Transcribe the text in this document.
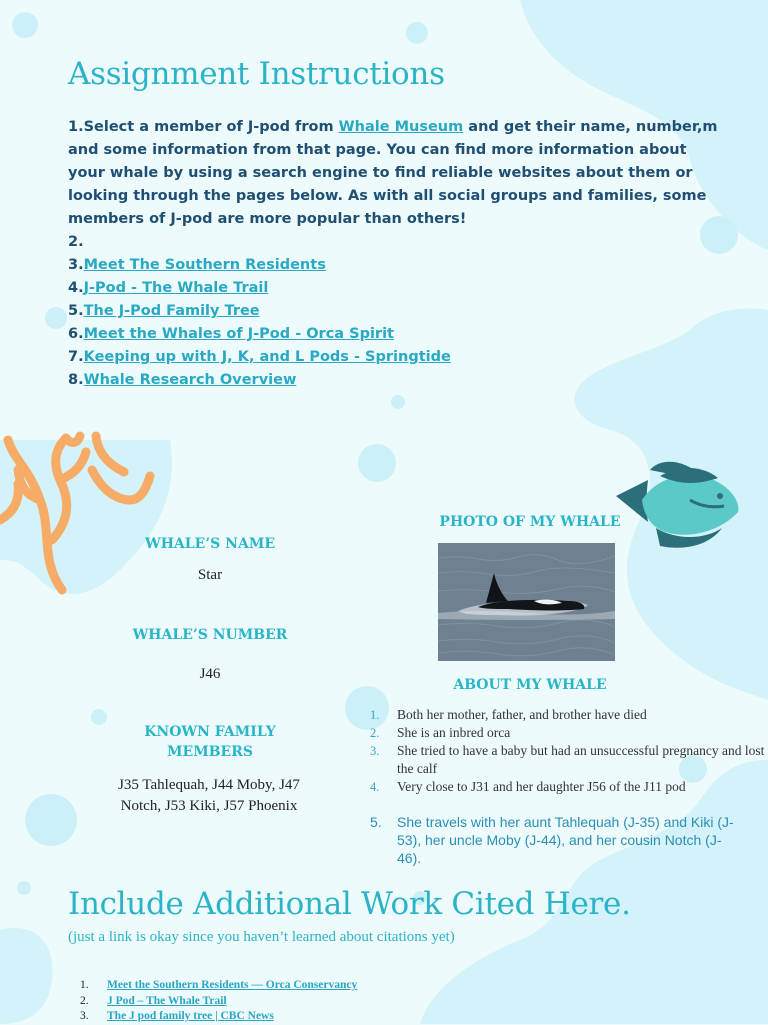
Assignment Instructions

1.Select a member of J-pod from Whale Museum and get their name, number,m and some information from that page. You can find more information about your whale by using a search engine to find reliable websites about them or looking through the pages below. As with all social groups and families, some members of J-pod are more popular than others!

2.
3.Meet The Southern Residents
4.J-Pod - The Whale Trail
5.The J-Pod Family Tree
6.Meet the Whales of J-Pod - Orca Spirit
7.Keeping up with J, K, and L Pods - Springtide
8.Whale Research Overview
WHALE’S NAME
Star
WHALE’S NUMBER
J46
KNOWN FAMILY
MEMBERS
J35 Tahlequah, J44 Moby, J47 Notch, J53 Kiki, J57 Phoenix
PHOTO OF MY WHALE
ABOUT MY WHALE
Both her mother, father, and brother have died
She is an inbred orca
She tried to have a baby but had an unsuccessful pregnancy and lost the calf
Very close to J31 and her daughter J56 of the J11 pod
5. She travels with her aunt Tahlequah (J-35) and Kiki (J-53), her uncle Moby (J-44), and her cousin Notch (J-46).
Include Additional Work Cited Here.
(just a link is okay since you haven’t learned about citations yet)
1. Meet the Southern Residents — Orca Conservancy
2. J Pod – The Whale Trail
3. The J pod family tree | CBC News
